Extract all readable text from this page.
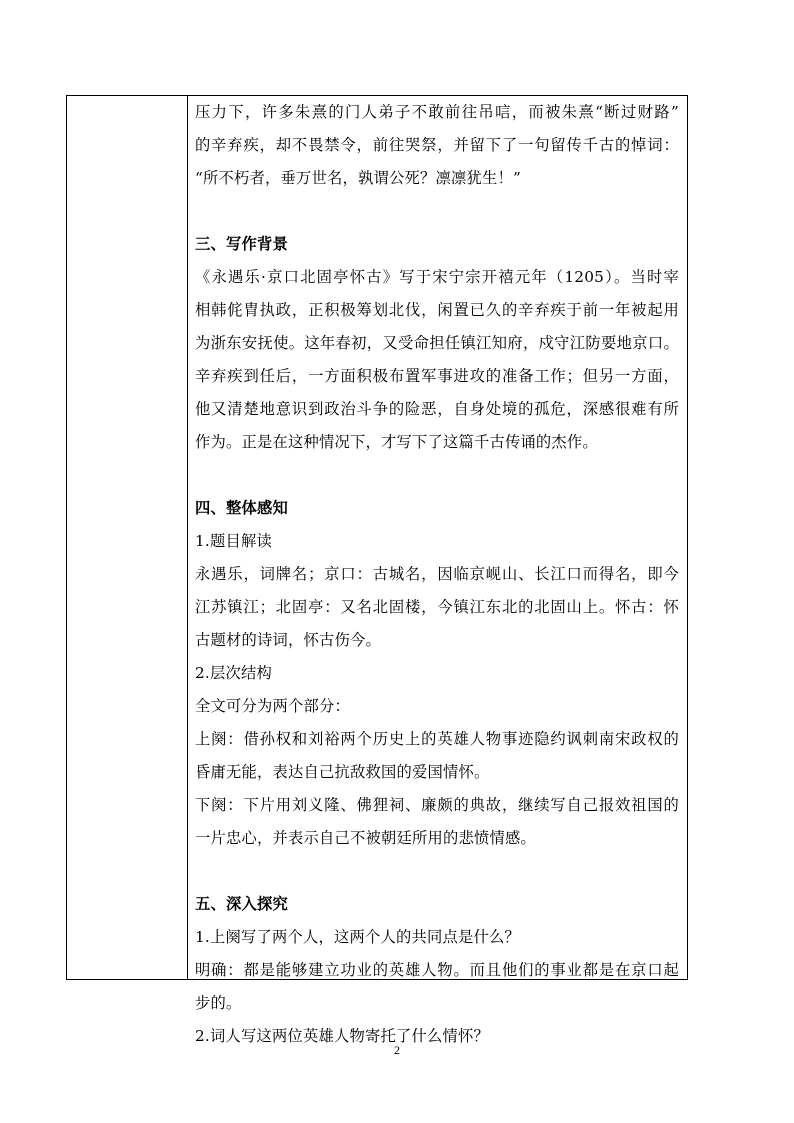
压力下，许多朱熹的门人弟子不敢前往吊唁，而被朱熹“断过财路”
的辛弃疾，却不畏禁令，前往哭祭，并留下了一句留传千古的悼词：
“所不朽者，垂万世名，孰谓公死？凛凛犹生！”
三、写作背景
《永遇乐·京口北固亭怀古》写于宋宁宗开禧元年（1205）。当时宰
相韩侂胄执政，正积极筹划北伐，闲置已久的辛弃疾于前一年被起用
为浙东安抚使。这年春初，又受命担任镇江知府，戍守江防要地京口。
辛弃疾到任后，一方面积极布置军事进攻的准备工作；但另一方面，
他又清楚地意识到政治斗争的险恶，自身处境的孤危，深感很难有所
作为。正是在这种情况下，才写下了这篇千古传诵的杰作。
四、整体感知
1.题目解读
永遇乐，词牌名；京口：古城名，因临京岘山、长江口而得名，即今
江苏镇江；北固亭：又名北固楼，今镇江东北的北固山上。怀古：怀
古题材的诗词，怀古伤今。
2.层次结构
全文可分为两个部分：
上阕：借孙权和刘裕两个历史上的英雄人物事迹隐约讽刺南宋政权的
昏庸无能，表达自己抗敌救国的爱国情怀。
下阕：下片用刘义隆、佛狸祠、廉颇的典故，继续写自己报效祖国的
一片忠心，并表示自己不被朝廷所用的悲愤情感。
五、深入探究
1.上阕写了两个人，这两个人的共同点是什么？
明确：都是能够建立功业的英雄人物。而且他们的事业都是在京口起
步的。
2.词人写这两位英雄人物寄托了什么情怀？
2
